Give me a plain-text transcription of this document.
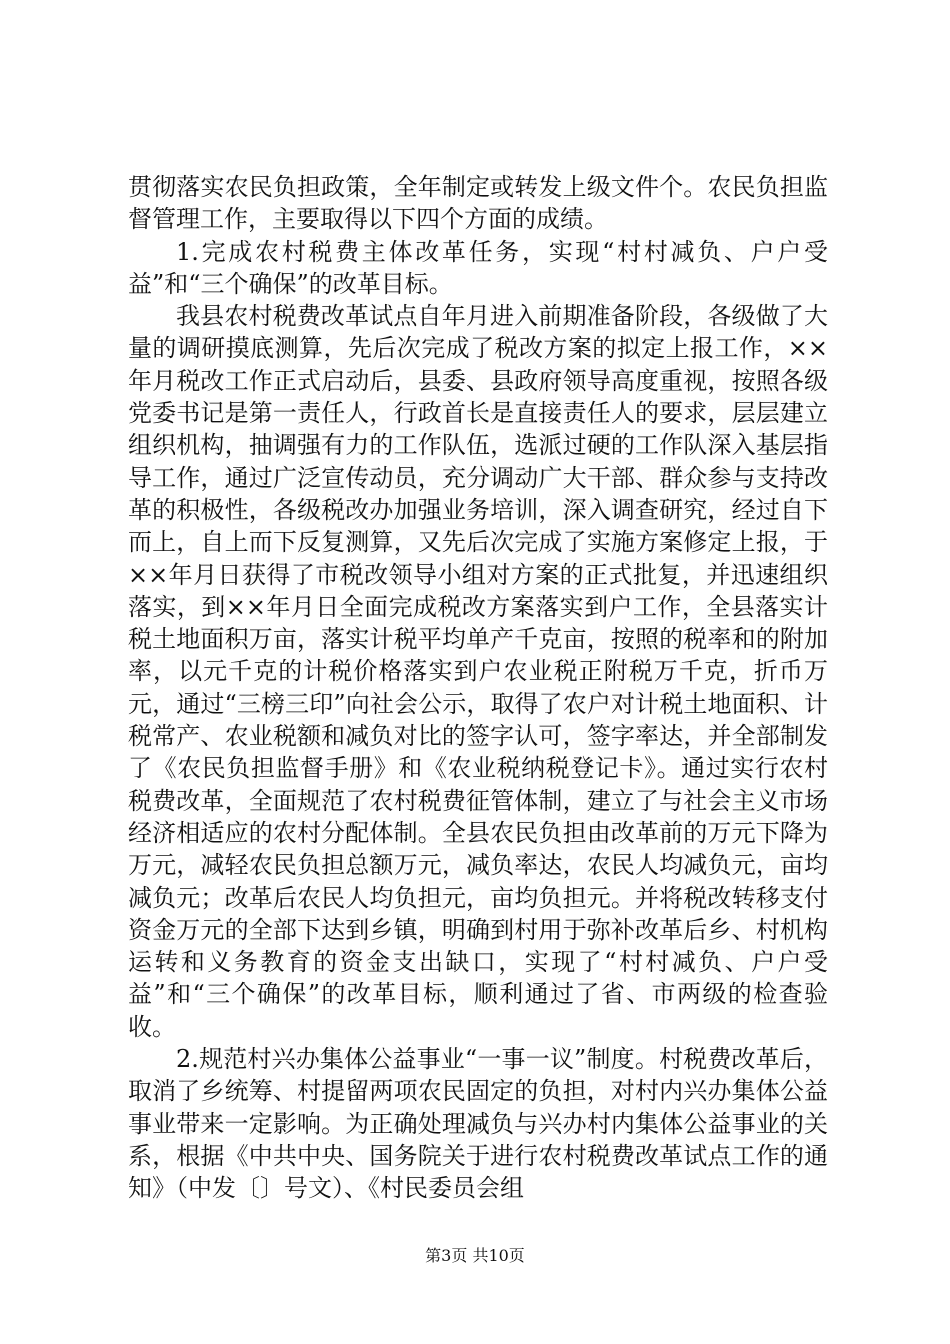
贯彻落实农民负担政策，全年制定或转发上级文件个。农民负担监督管理工作，主要取得以下四个方面的成绩。

1.完成农村税费主体改革任务，实现“村村减负、户户受益”和“三个确保”的改革目标。

我县农村税费改革试点自年月进入前期准备阶段，各级做了大量的调研摸底测算，先后次完成了税改方案的拟定上报工作，××年月税改工作正式启动后，县委、县政府领导高度重视，按照各级党委书记是第一责任人，行政首长是直接责任人的要求，层层建立组织机构，抽调强有力的工作队伍，选派过硬的工作队深入基层指导工作，通过广泛宣传动员，充分调动广大干部、群众参与支持改革的积极性，各级税改办加强业务培训，深入调查研究，经过自下而上，自上而下反复测算，又先后次完成了实施方案修定上报，于××年月日获得了市税改领导小组对方案的正式批复，并迅速组织落实，到××年月日全面完成税改方案落实到户工作，全县落实计税土地面积万亩，落实计税平均单产千克亩，按照的税率和的附加率，以元千克的计税价格落实到户农业税正附税万千克，折币万元，通过“三榜三印”向社会公示，取得了农户对计税土地面积、计税常产、农业税额和减负对比的签字认可，签字率达，并全部制发了《农民负担监督手册》和《农业税纳税登记卡》。通过实行农村税费改革，全面规范了农村税费征管体制，建立了与社会主义市场经济相适应的农村分配体制。全县农民负担由改革前的万元下降为万元，减轻农民负担总额万元，减负率达，农民人均减负元，亩均减负元；改革后农民人均负担元，亩均负担元。并将税改转移支付资金万元的全部下达到乡镇，明确到村用于弥补改革后乡、村机构运转和义务教育的资金支出缺口，实现了“村村减负、户户受益”和“三个确保”的改革目标，顺利通过了省、市两级的检查验收。

2.规范村兴办集体公益事业“一事一议”制度。村税费改革后，取消了乡统筹、村提留两项农民固定的负担，对村内兴办集体公益事业带来一定影响。为正确处理减负与兴办村内集体公益事业的关系，根据《中共中央、国务院关于进行农村税费改革试点工作的通知》（中发〔〕号文）、《村民委员会组

第3页 共10页
